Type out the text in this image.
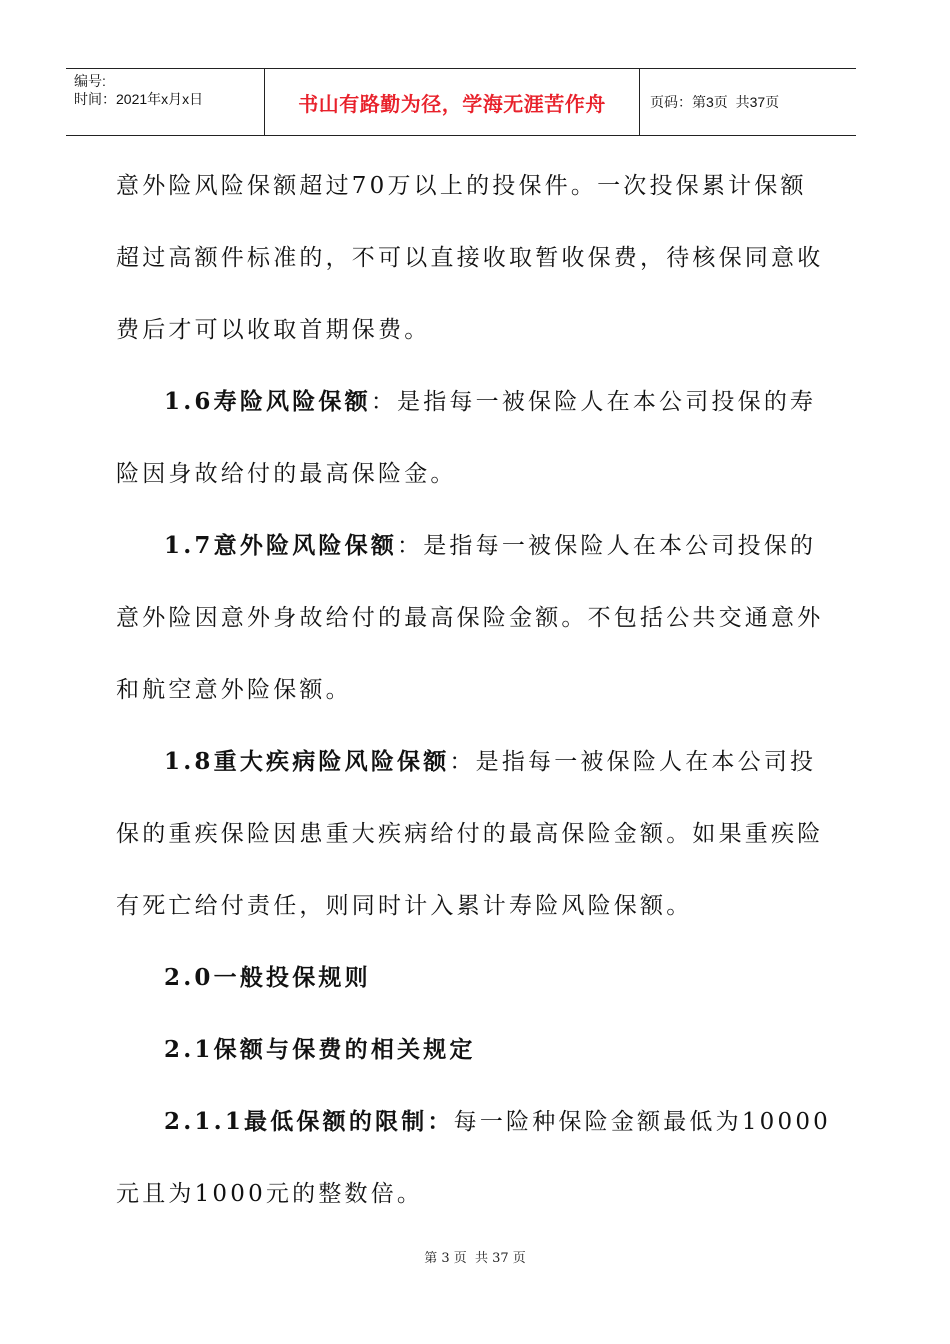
编号:
时间：2021年x月x日	书山有路勤为径，学海无涯苦作舟	页码：第3页  共37页
意外险风险保额超过70万以上的投保件。一次投保累计保额
超过高额件标准的，不可以直接收取暂收保费，待核保同意收
费后才可以收取首期保费。
1.6寿险风险保额：是指每一被保险人在本公司投保的寿
险因身故给付的最高保险金。
1.7意外险风险保额：是指每一被保险人在本公司投保的
意外险因意外身故给付的最高保险金额。不包括公共交通意外
和航空意外险保额。
1.8重大疾病险风险保额：是指每一被保险人在本公司投
保的重疾保险因患重大疾病给付的最高保险金额。如果重疾险
有死亡给付责任，则同时计入累计寿险风险保额。
2.0一般投保规则
2.1保额与保费的相关规定
2.1.1最低保额的限制：每一险种保险金额最低为10000
元且为1000元的整数倍。
第 3 页  共 37 页
